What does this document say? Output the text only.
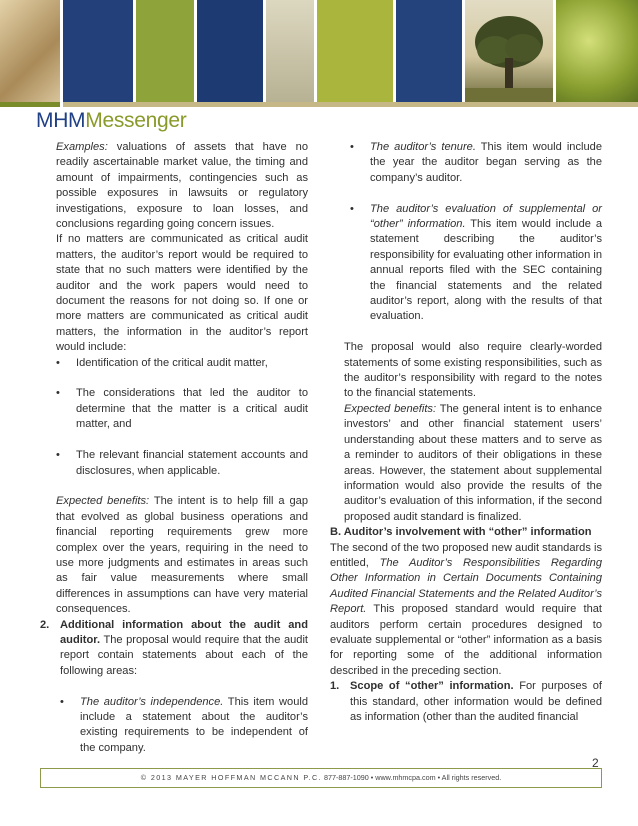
MHMMessenger

Examples: valuations of assets that have no readily ascertainable market value, the timing and amount of impairments, contingencies such as possible exposures in lawsuits or regulatory investigations, exposure to loan losses, and conclusions regarding going concern issues.

If no matters are communicated as critical audit matters, the auditor’s report would be required to state that no such matters were identified by the auditor and the work papers would need to document the reasons for not doing so. If one or more matters are communicated as critical audit matters, the information in the auditor’s report would include:

•	Identification of the critical audit matter,
•	The considerations that led the auditor to determine that the matter is a critical audit matter, and
•	The relevant financial statement accounts and disclosures, when applicable.

Expected benefits: The intent is to help fill a gap that evolved as global business operations and financial reporting requirements grew more complex over the years, requiring in the need to use more judgments and estimates in areas such as fair value measurements where small differences in assumptions can have very material consequences.

2. Additional information about the audit and auditor. The proposal would require that the audit report contain statements about each of the following areas:
•	The auditor’s independence. This item would include a statement about the auditor’s existing requirements to be independent of the company.
•	The auditor’s tenure. This item would include the year the auditor began serving as the company’s auditor.
•	The auditor’s evaluation of supplemental or “other” information. This item would include a statement describing the auditor’s responsibility for evaluating other information in annual reports filed with the SEC containing the financial statements and the related auditor’s report, along with the results of that evaluation.

The proposal would also require clearly-worded statements of some existing responsibilities, such as the auditor’s responsibility with regard to the notes to the financial statements.

Expected benefits: The general intent is to enhance investors’ and other financial statement users’ understanding about these matters and to serve as a reminder to auditors of their obligations in these areas. However, the statement about supplemental information would also provide the results of the auditor’s evaluation of this information, if the second proposed audit standard is finalized.

B. Auditor’s involvement with “other” information

The second of the two proposed new audit standards is entitled, The Auditor’s Responsibilities Regarding Other Information in Certain Documents Containing Audited Financial Statements and the Related Auditor’s Report. This proposed standard would require that auditors perform certain procedures designed to evaluate supplemental or “other” information as a basis for reporting some of the additional information described in the preceding section.

1. Scope of “other” information. For purposes of this standard, other information would be defined as information (other than the audited financial
2
© 2013 MAYER HOFFMAN MCCANN P.C. 877-887-1090 • www.mhmcpa.com • All rights reserved.
